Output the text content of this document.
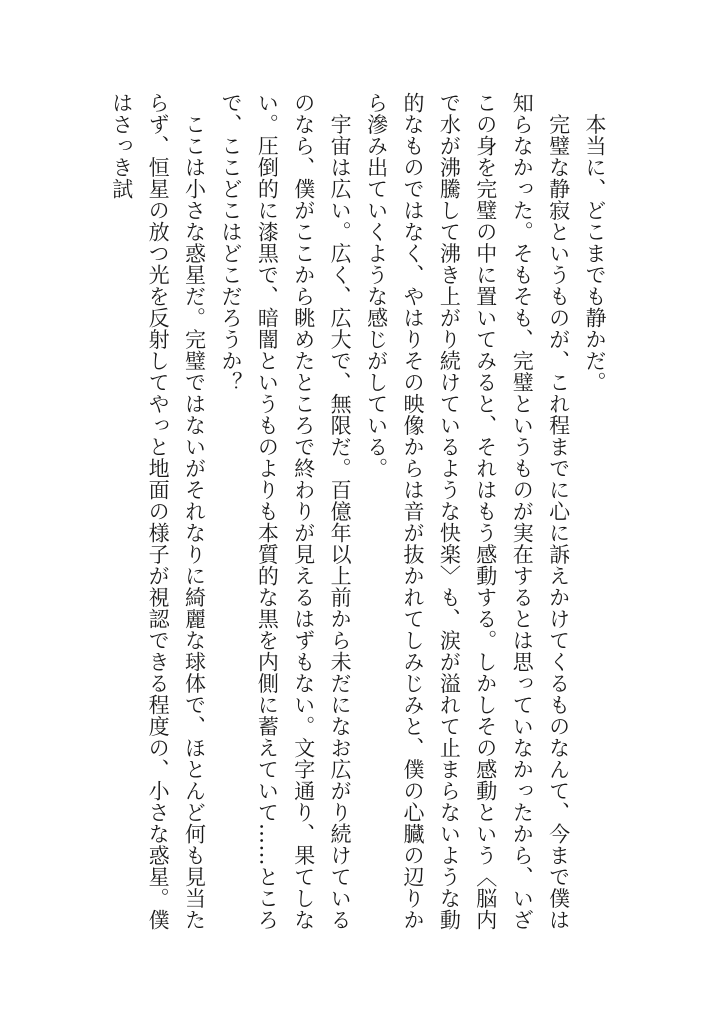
　本当に、どこまでも静かだ。

　完璧な静寂というものが、これ程までに心に訴えかけてくるものなんて、今まで僕は知らなかった。そもそも、完璧というものが実在するとは思っていなかったから、いざこの身を完璧の中に置いてみると、それはもう感動する。しかしその感動という〈脳内で水が沸騰して沸き上がり続けているような快楽〉も、涙が溢れて止まらないような動的なものではなく、やはりその映像からは音が抜かれてしみじみと、僕の心臓の辺りから滲み出ていくような感じがしている。

　宇宙は広い。広く、広大で、無限だ。百億年以上前から未だになお広がり続けているのなら、僕がここから眺めたところで終わりが見えるはずもない。文字通り、果てしない。圧倒的に漆黒で、暗闇というものよりも本質的な黒を内側に蓄えていて……ところで、ここどこはどこだろうか？

　ここは小さな惑星だ。完璧ではないがそれなりに綺麗な球体で、ほとんど何も見当たらず、恒星の放つ光を反射してやっと地面の様子が視認できる程度の、小さな惑星。僕はさっき試
